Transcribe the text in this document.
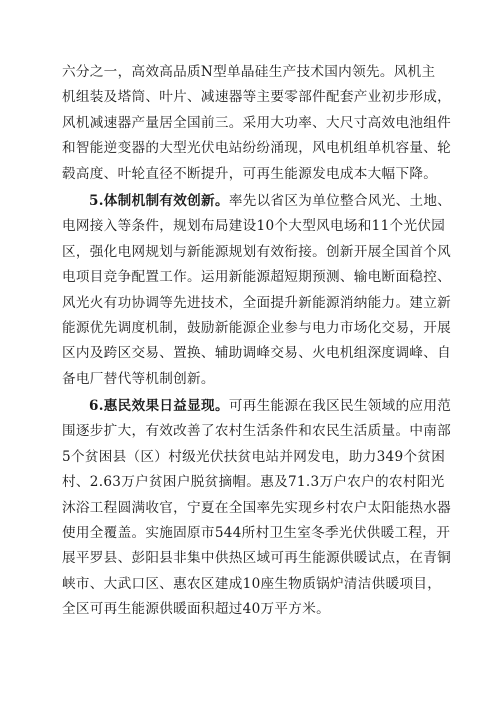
六分之一，高效高品质N型单晶硅生产技术国内领先。风机主
机组装及塔筒、叶片、减速器等主要零部件配套产业初步形成，
风机减速器产量居全国前三。采用大功率、大尺寸高效电池组件
和智能逆变器的大型光伏电站纷纷涌现，风电机组单机容量、轮
毂高度、叶轮直径不断提升，可再生能源发电成本大幅下降。
5.体制机制有效创新。率先以省区为单位整合风光、土地、
电网接入等条件，规划布局建设10个大型风电场和11个光伏园
区，强化电网规划与新能源规划有效衔接。创新开展全国首个风
电项目竞争配置工作。运用新能源超短期预测、输电断面稳控、
风光火有功协调等先进技术，全面提升新能源消纳能力。建立新
能源优先调度机制，鼓励新能源企业参与电力市场化交易，开展
区内及跨区交易、置换、辅助调峰交易、火电机组深度调峰、自
备电厂替代等机制创新。
6.惠民效果日益显现。可再生能源在我区民生领域的应用范
围逐步扩大，有效改善了农村生活条件和农民生活质量。中南部
5个贫困县（区）村级光伏扶贫电站并网发电，助力349个贫困
村、2.63万户贫困户脱贫摘帽。惠及71.3万户农户的农村阳光
沐浴工程圆满收官，宁夏在全国率先实现乡村农户太阳能热水器
使用全覆盖。实施固原市544所村卫生室冬季光伏供暖工程，开
展平罗县、彭阳县非集中供热区域可再生能源供暖试点，在青铜
峡市、大武口区、惠农区建成10座生物质锅炉清洁供暖项目，
全区可再生能源供暖面积超过40万平方米。
